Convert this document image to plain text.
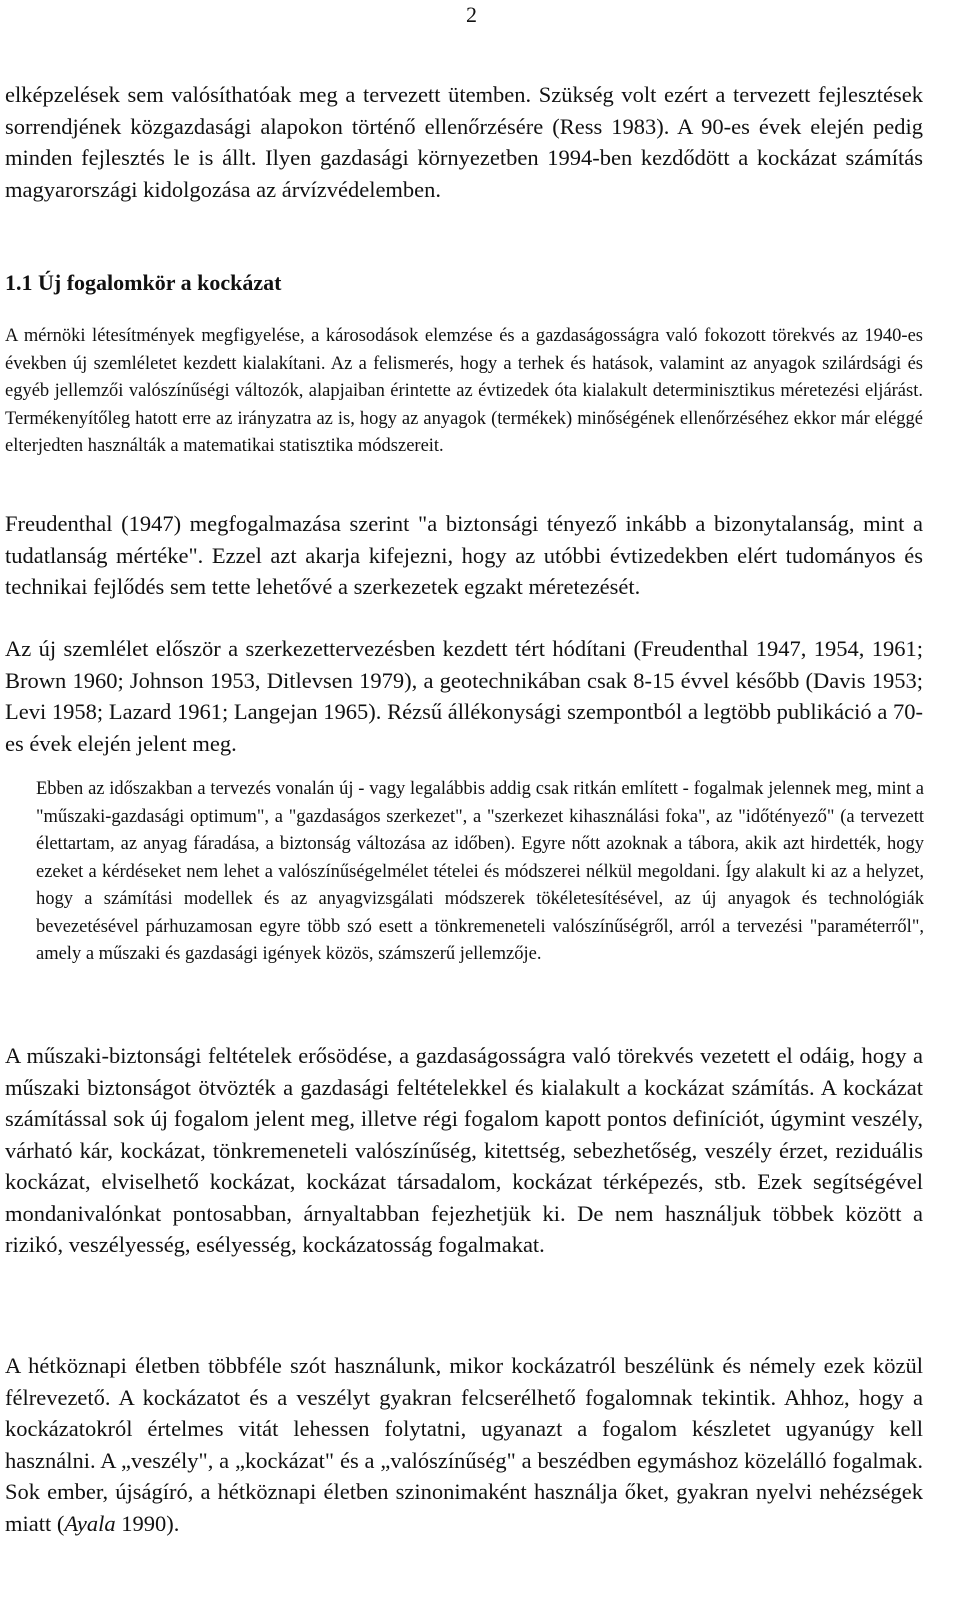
2

elképzelések sem valósíthatóak meg a tervezett ütemben. Szükség volt ezért a tervezett fejlesztések sorrendjének közgazdasági alapokon történő ellenőrzésére (Ress 1983). A 90-es évek elején pedig minden fejlesztés le is állt. Ilyen gazdasági környezetben 1994-ben kezdődött a kockázat számítás magyarországi kidolgozása az árvízvédelemben.

1.1 Új fogalomkör a kockázat

A mérnöki létesítmények megfigyelése, a károsodások elemzése és a gazdaságosságra való fokozott törekvés az 1940-es években új szemléletet kezdett kialakítani. Az a felismerés, hogy a terhek és hatások, valamint az anyagok szilárdsági és egyéb jellemzői valószínűségi változók, alapjaiban érintette az évtizedek óta kialakult determinisztikus méretezési eljárást. Termékenyítőleg hatott erre az irányzatra az is, hogy az anyagok (termékek) minőségének ellenőrzéséhez ekkor már eléggé elterjedten használták a matematikai statisztika módszereit.

Freudenthal (1947) megfogalmazása szerint "a biztonsági tényező inkább a bizonytalanság, mint a tudatlanság mértéke". Ezzel azt akarja kifejezni, hogy az utóbbi évtizedekben elért tudományos és technikai fejlődés sem tette lehetővé a szerkezetek egzakt méretezését.

Az új szemlélet először a szerkezettervezésben kezdett tért hódítani (Freudenthal 1947, 1954, 1961; Brown 1960; Johnson 1953, Ditlevsen 1979), a geotechnikában csak 8-15 évvel később (Davis 1953; Levi 1958; Lazard 1961; Langejan 1965). Rézsű állékonysági szempontból a legtöbb publikáció a 70-es évek elején jelent meg.

Ebben az időszakban a tervezés vonalán új - vagy legalábbis addig csak ritkán említett - fogalmak jelennek meg, mint a "műszaki-gazdasági optimum", a "gazdaságos szerkezet", a "szerkezet kihasználási foka", az "időtényező" (a tervezett élettartam, az anyag fáradása, a biztonság változása az időben). Egyre nőtt azoknak a tábora, akik azt hirdették, hogy ezeket a kérdéseket nem lehet a valószínűségelmélet tételei és módszerei nélkül megoldani. Így alakult ki az a helyzet, hogy a számítási modellek és az anyagvizsgálati módszerek tökéletesítésével, az új anyagok és technológiák bevezetésével párhuzamosan egyre több szó esett a tönkremeneteli valószínűségről, arról a tervezési "paraméterről", amely a műszaki és gazdasági igények közös, számszerű jellemzője.

A műszaki-biztonsági feltételek erősödése, a gazdaságosságra való törekvés vezetett el odáig, hogy a műszaki biztonságot ötvözték a gazdasági feltételekkel és kialakult a kockázat számítás. A kockázat számítással sok új fogalom jelent meg, illetve régi fogalom kapott pontos definíciót, úgymint veszély, várható kár, kockázat, tönkremeneteli valószínűség, kitettség, sebezhetőség, veszély érzet, reziduális kockázat, elviselhető kockázat, kockázat társadalom, kockázat térképezés, stb. Ezek segítségével mondanivalónkat pontosabban, árnyaltabban fejezhetjük ki. De nem használjuk többek között a rizikó, veszélyesség, esélyesség, kockázatosság fogalmakat.

A hétköznapi életben többféle szót használunk, mikor kockázatról beszélünk és némely ezek közül félrevezető. A kockázatot és a veszélyt gyakran felcserélhető fogalomnak tekintik. Ahhoz, hogy a kockázatokról értelmes vitát lehessen folytatni, ugyanazt a fogalom készletet ugyanúgy kell használni. A „veszély", a „kockázat" és a „valószínűség" a beszédben egymáshoz közelálló fogalmak. Sok ember, újságíró, a hétköznapi életben szinonimaként használja őket, gyakran nyelvi nehézségek miatt (Ayala 1990).
